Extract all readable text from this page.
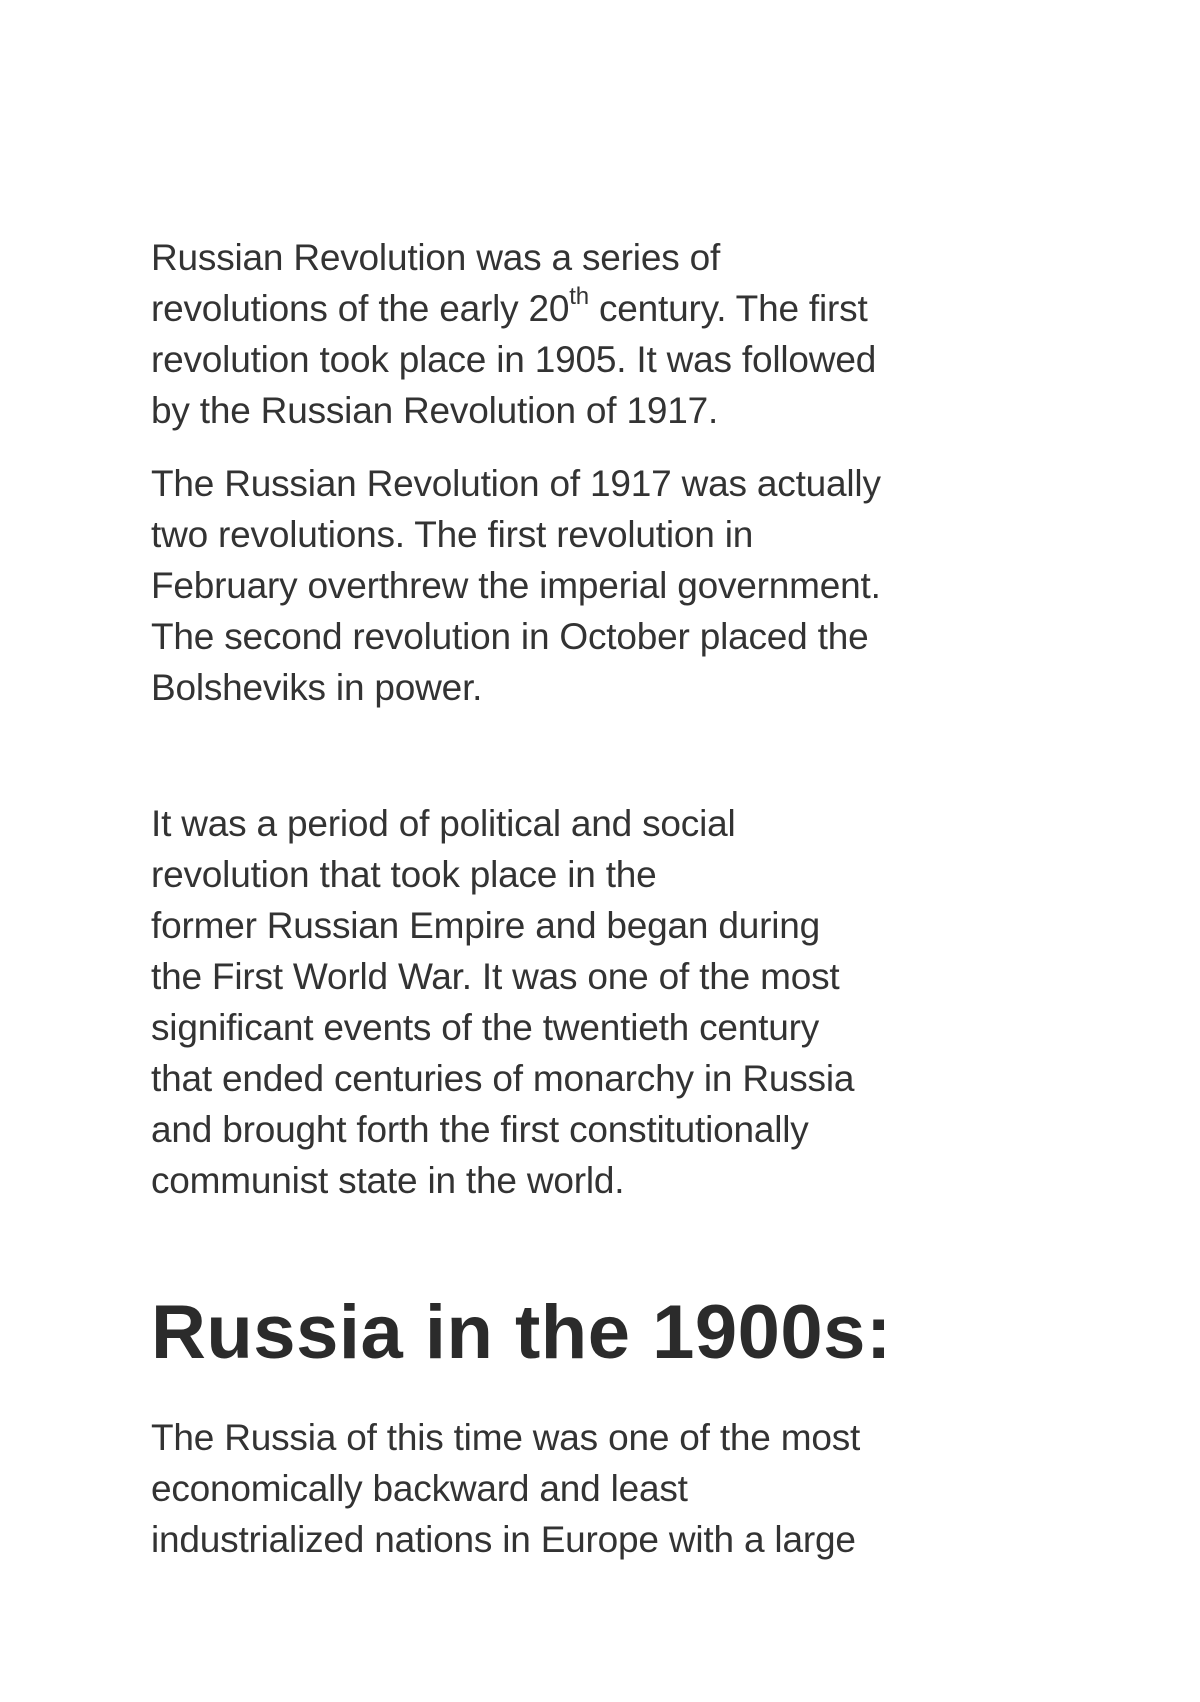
Russian Revolution was a series of
revolutions of the early 20th century. The first
revolution took place in 1905. It was followed
by the Russian Revolution of 1917.

The Russian Revolution of 1917 was actually
two revolutions. The first revolution in
February overthrew the imperial government.
The second revolution in October placed the
Bolsheviks in power.

It was a period of political and social
revolution that took place in the
former Russian Empire and began during
the First World War. It was one of the most
significant events of the twentieth century
that ended centuries of monarchy in Russia
and brought forth the first constitutionally
communist state in the world.

Russia in the 1900s:

The Russia of this time was one of the most
economically backward and least
industrialized nations in Europe with a large
